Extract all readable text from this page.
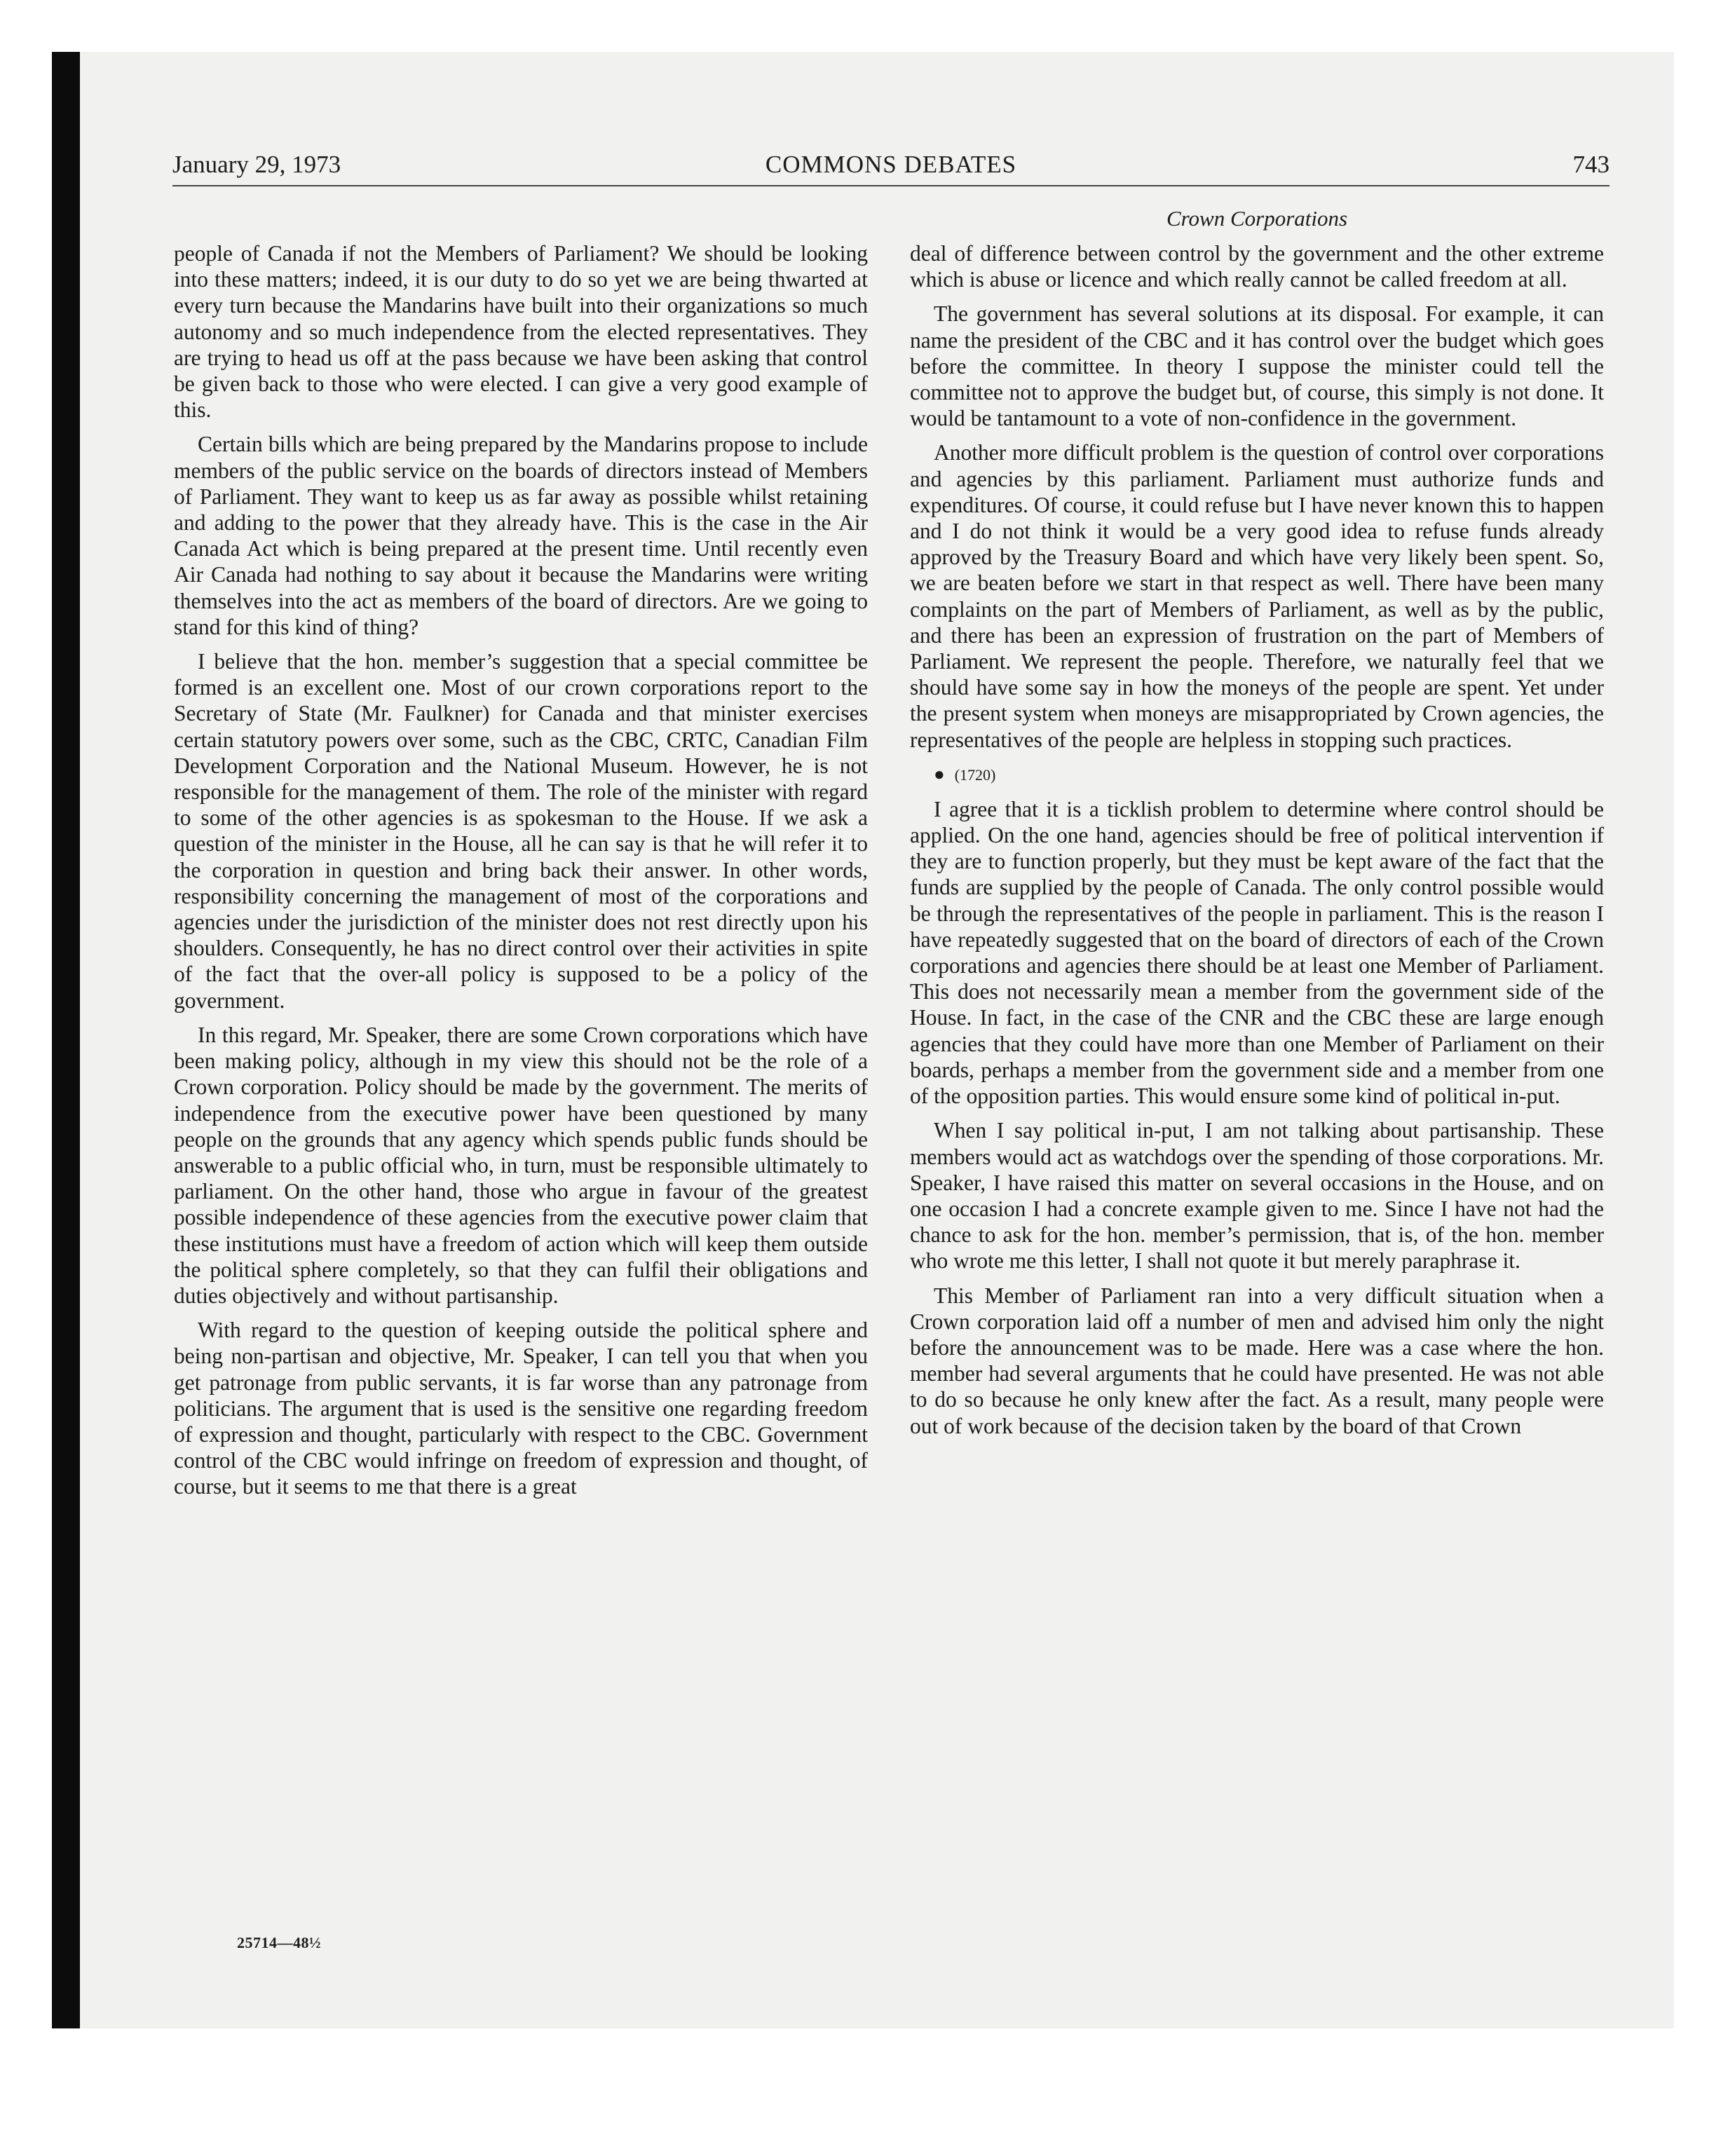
January 29, 1973	COMMONS DEBATES	743
Crown Corporations

people of Canada if not the Members of Parliament? We should be looking into these matters; indeed, it is our duty to do so yet we are being thwarted at every turn because the Mandarins have built into their organizations so much autonomy and so much independence from the elected representatives. They are trying to head us off at the pass because we have been asking that control be given back to those who were elected. I can give a very good example of this.

Certain bills which are being prepared by the Mandarins propose to include members of the public service on the boards of directors instead of Members of Parliament. They want to keep us as far away as possible whilst retaining and adding to the power that they already have. This is the case in the Air Canada Act which is being prepared at the present time. Until recently even Air Canada had nothing to say about it because the Mandarins were writing themselves into the act as members of the board of directors. Are we going to stand for this kind of thing?

I believe that the hon. member’s suggestion that a special committee be formed is an excellent one. Most of our crown corporations report to the Secretary of State (Mr. Faulkner) for Canada and that minister exercises certain statutory powers over some, such as the CBC, CRTC, Canadian Film Development Corporation and the National Museum. However, he is not responsible for the management of them. The role of the minister with regard to some of the other agencies is as spokesman to the House. If we ask a question of the minister in the House, all he can say is that he will refer it to the corporation in question and bring back their answer. In other words, responsibility concerning the management of most of the corporations and agencies under the jurisdiction of the minister does not rest directly upon his shoulders. Consequently, he has no direct control over their activities in spite of the fact that the over-all policy is supposed to be a policy of the government.

In this regard, Mr. Speaker, there are some Crown corporations which have been making policy, although in my view this should not be the role of a Crown corporation. Policy should be made by the government. The merits of independence from the executive power have been questioned by many people on the grounds that any agency which spends public funds should be answerable to a public official who, in turn, must be responsible ultimately to parliament. On the other hand, those who argue in favour of the greatest possible independence of these agencies from the executive power claim that these institutions must have a freedom of action which will keep them outside the political sphere completely, so that they can fulfil their obligations and duties objectively and without partisanship.

With regard to the question of keeping outside the political sphere and being non-partisan and objective, Mr. Speaker, I can tell you that when you get patronage from public servants, it is far worse than any patronage from politicians. The argument that is used is the sensitive one regarding freedom of expression and thought, particularly with respect to the CBC. Government control of the CBC would infringe on freedom of expression and thought, of course, but it seems to me that there is a great

deal of difference between control by the government and the other extreme which is abuse or licence and which really cannot be called freedom at all.

The government has several solutions at its disposal. For example, it can name the president of the CBC and it has control over the budget which goes before the committee. In theory I suppose the minister could tell the committee not to approve the budget but, of course, this simply is not done. It would be tantamount to a vote of non-confidence in the government.

Another more difficult problem is the question of control over corporations and agencies by this parliament. Parliament must authorize funds and expenditures. Of course, it could refuse but I have never known this to happen and I do not think it would be a very good idea to refuse funds already approved by the Treasury Board and which have very likely been spent. So, we are beaten before we start in that respect as well. There have been many complaints on the part of Members of Parliament, as well as by the public, and there has been an expression of frustration on the part of Members of Parliament. We represent the people. Therefore, we naturally feel that we should have some say in how the moneys of the people are spent. Yet under the present system when moneys are misappropriated by Crown agencies, the representatives of the people are helpless in stopping such practices.

● (1720)

I agree that it is a ticklish problem to determine where control should be applied. On the one hand, agencies should be free of political intervention if they are to function properly, but they must be kept aware of the fact that the funds are supplied by the people of Canada. The only control possible would be through the representatives of the people in parliament. This is the reason I have repeatedly suggested that on the board of directors of each of the Crown corporations and agencies there should be at least one Member of Parliament. This does not necessarily mean a member from the government side of the House. In fact, in the case of the CNR and the CBC these are large enough agencies that they could have more than one Member of Parliament on their boards, perhaps a member from the government side and a member from one of the opposition parties. This would ensure some kind of political in-put.

When I say political in-put, I am not talking about partisanship. These members would act as watchdogs over the spending of those corporations. Mr. Speaker, I have raised this matter on several occasions in the House, and on one occasion I had a concrete example given to me. Since I have not had the chance to ask for the hon. member’s permission, that is, of the hon. member who wrote me this letter, I shall not quote it but merely paraphrase it.

This Member of Parliament ran into a very difficult situation when a Crown corporation laid off a number of men and advised him only the night before the announcement was to be made. Here was a case where the hon. member had several arguments that he could have presented. He was not able to do so because he only knew after the fact. As a result, many people were out of work because of the decision taken by the board of that Crown

25714—48½
